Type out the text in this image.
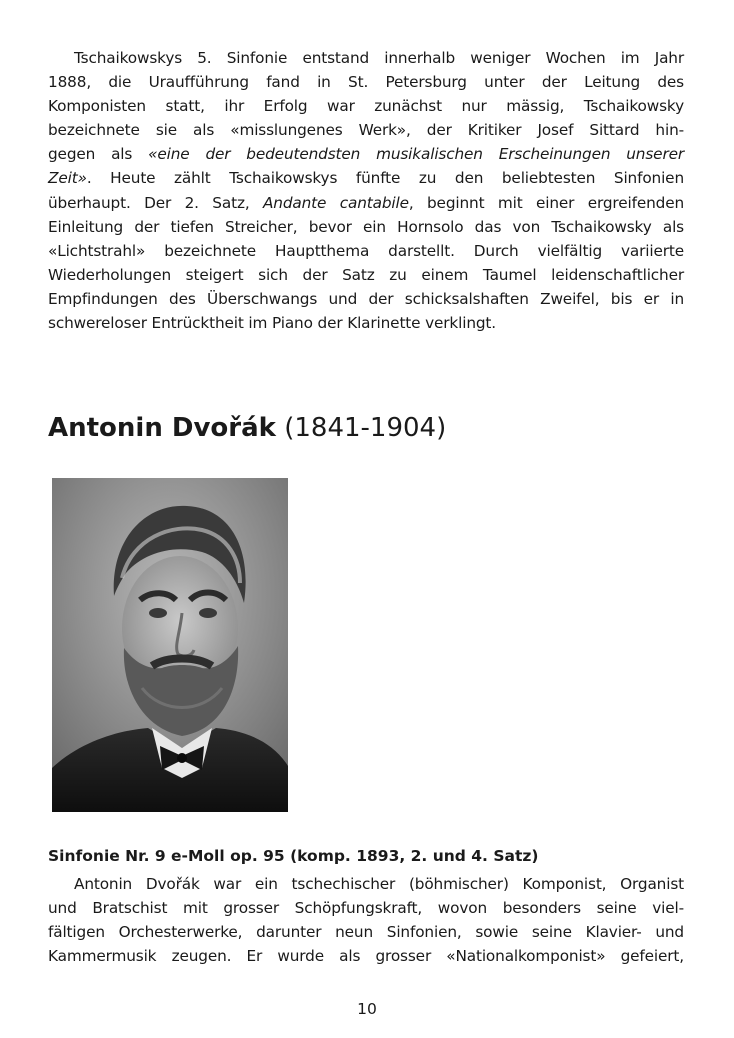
Tschaikowskys 5. Sinfonie entstand innerhalb weniger Wochen im Jahr
1888, die Uraufführung fand in St. Petersburg unter der Leitung des
Komponisten statt, ihr Erfolg war zunächst nur mässig, Tschaikowsky
bezeichnete sie als «misslungenes Werk», der Kritiker Josef Sittard hin-
gegen als «eine der bedeutendsten musikalischen Erscheinungen unserer
Zeit». Heute zählt Tschaikowskys fünfte zu den beliebtesten Sinfonien
überhaupt. Der 2. Satz, Andante cantabile, beginnt mit einer ergreifenden
Einleitung der tiefen Streicher, bevor ein Hornsolo das von Tschaikowsky als
«Lichtstrahl» bezeichnete Hauptthema darstellt. Durch vielfältig variierte
Wiederholungen steigert sich der Satz zu einem Taumel leidenschaftlicher
Empfindungen des Überschwangs und der schicksalshaften Zweifel, bis er in
schwereloser Entrücktheit im Piano der Klarinette verklingt.
Antonin Dvořák (1841-1904)
Sinfonie Nr. 9 e-Moll op. 95 (komp. 1893, 2. und 4. Satz)
Antonin Dvořák war ein tschechischer (böhmischer) Komponist, Organist
und Bratschist mit grosser Schöpfungskraft, wovon besonders seine viel-
fältigen Orchesterwerke, darunter neun Sinfonien, sowie seine Klavier- und
Kammermusik zeugen. Er wurde als grosser «Nationalkomponist» gefeiert,
10
